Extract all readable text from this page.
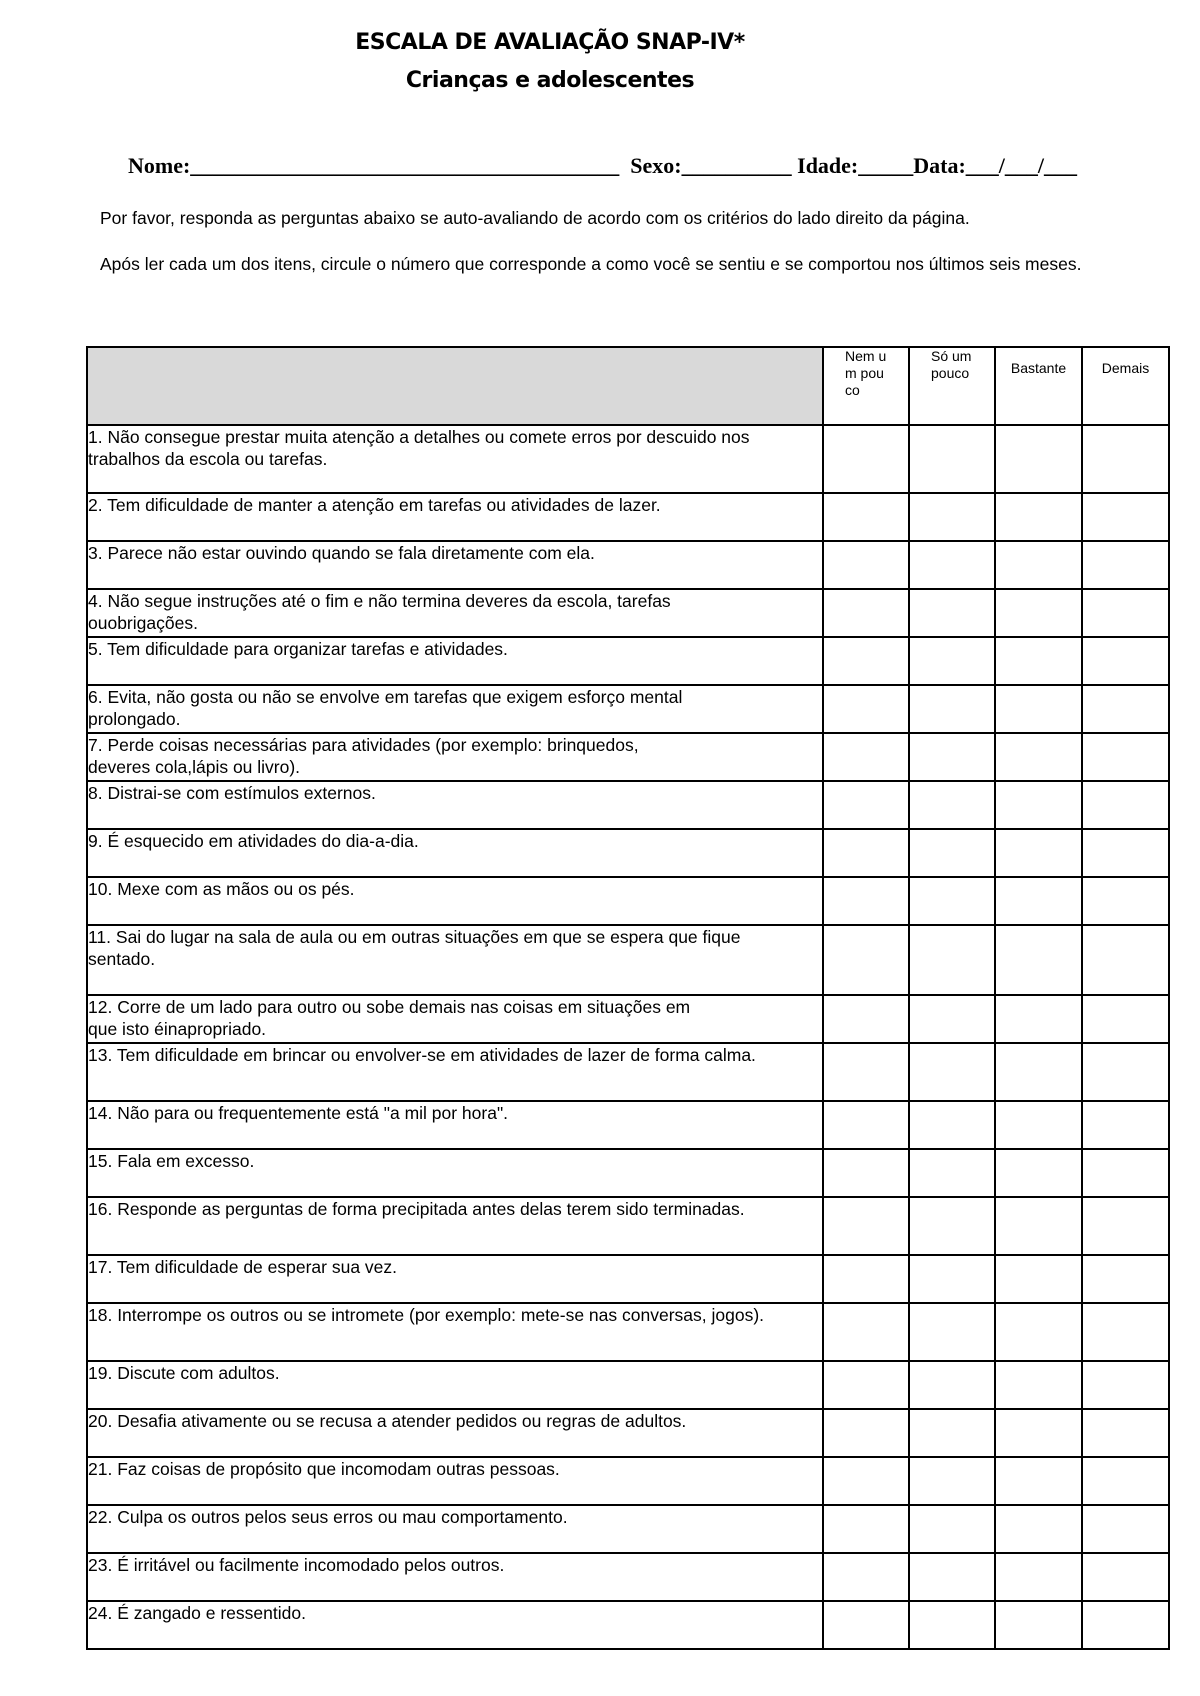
ESCALA DE AVALIAÇÃO SNAP-IV*
Crianças e adolescentes
Nome:_______________________________________  Sexo:__________ Idade:_____Data:___/___/___
Por favor, responda as perguntas abaixo se auto-avaliando de acordo com os critérios do lado direito da página.
Após ler cada um dos itens, circule o número que corresponde a como você se sentiu e se comportou nos últimos seis meses.
	Nem um pouco	Só um pouco	Bastante	Demais
1. Não consegue prestar muita atenção a detalhes ou comete erros por descuido nos
trabalhos da escola ou tarefas.				
2. Tem dificuldade de manter a atenção em tarefas ou atividades de lazer.				
3. Parece não estar ouvindo quando se fala diretamente com ela.				
4. Não segue instruções até o fim e não termina deveres da escola, tarefas
ouobrigações.				
5. Tem dificuldade para organizar tarefas e atividades.				
6. Evita, não gosta ou não se envolve em tarefas que exigem esforço mental
prolongado.				
7. Perde coisas necessárias para atividades (por exemplo: brinquedos,
deveres cola,lápis ou livro).				
8. Distrai-se com estímulos externos.				
9. É esquecido em atividades do dia-a-dia.				
10. Mexe com as mãos ou os pés.				
11. Sai do lugar na sala de aula ou em outras situações em que se espera que fique
sentado.				
12. Corre de um lado para outro ou sobe demais nas coisas em situações em
que isto éinapropriado.				
13. Tem dificuldade em brincar ou envolver-se em atividades de lazer de forma calma.				
14. Não para ou frequentemente está "a mil por hora".				
15. Fala em excesso.				
16. Responde as perguntas de forma precipitada antes delas terem sido terminadas.				
17. Tem dificuldade de esperar sua vez.				
18. Interrompe os outros ou se intromete (por exemplo: mete-se nas conversas, jogos).				
19. Discute com adultos.				
20. Desafia ativamente ou se recusa a atender pedidos ou regras de adultos.				
21. Faz coisas de propósito que incomodam outras pessoas.				
22. Culpa os outros pelos seus erros ou mau comportamento.				
23. É irritável ou facilmente incomodado pelos outros.				
24. É zangado e ressentido.				
